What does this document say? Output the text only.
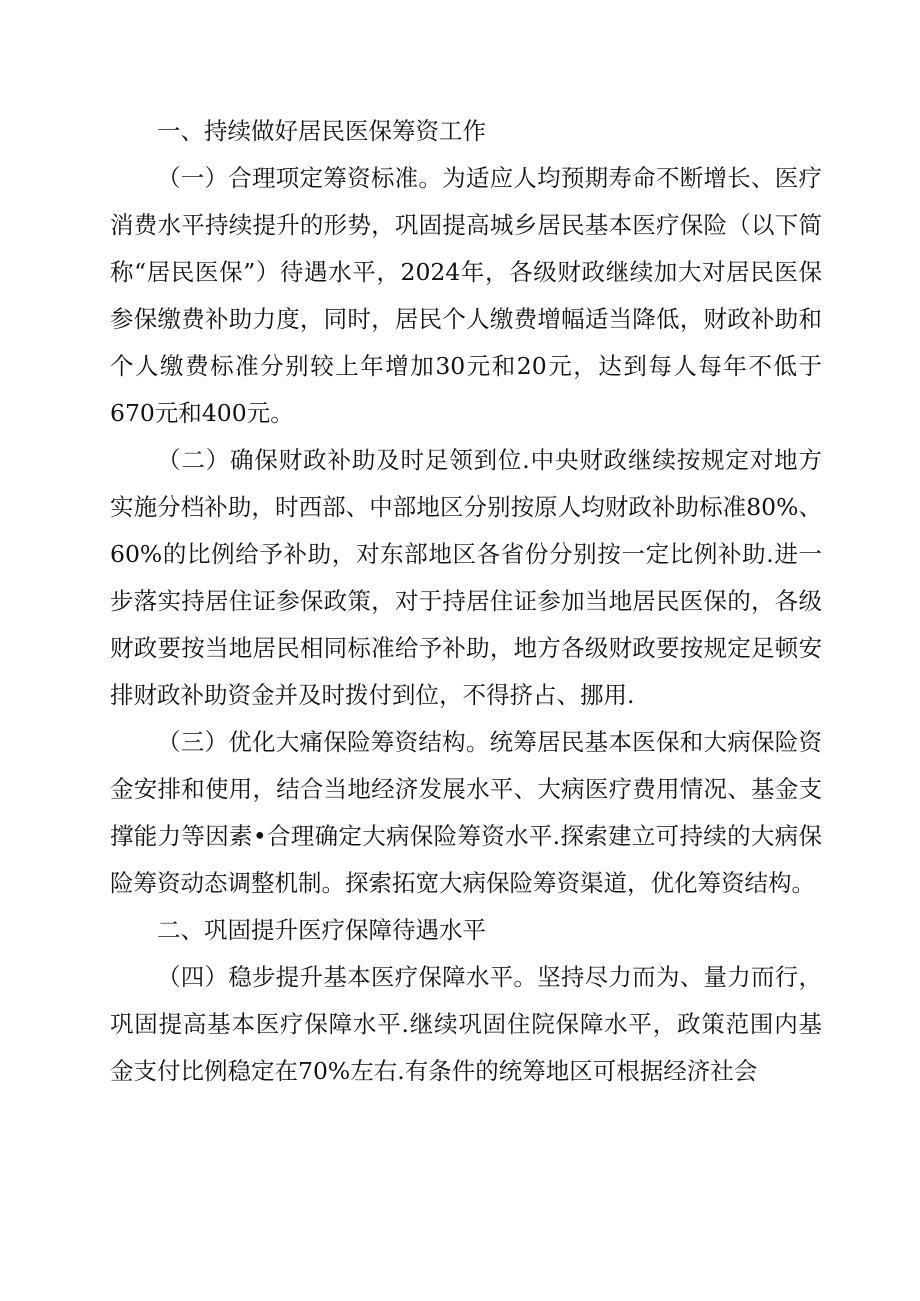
一、持续做好居民医保筹资工作

（一）合理项定筹资标准。为适应人均预期寿命不断增长、医疗消费水平持续提升的形势，巩固提高城乡居民基本医疗保险（以下简称“居民医保”）待遇水平，2024年，各级财政继续加大对居民医保参保缴费补助力度，同时，居民个人缴费增幅适当降低，财政补助和个人缴费标准分别较上年增加30元和20元，达到每人每年不低于670元和400元。

（二）确保财政补助及时足领到位.中央财政继续按规定对地方实施分档补助，时西部、中部地区分别按原人均财政补助标准80%、60%的比例给予补助，对东部地区各省份分别按一定比例补助.进一步落实持居住证参保政策，对于持居住证参加当地居民医保的，各级财政要按当地居民相同标准给予补助，地方各级财政要按规定足顿安排财政补助资金并及时拨付到位，不得挤占、挪用.

（三）优化大痛保险筹资结构。统筹居民基本医保和大病保险资金安排和使用，结合当地经济发展水平、大病医疗费用情况、基金支撑能力等因素•合理确定大病保险筹资水平.探索建立可持续的大病保险筹资动态调整机制。探索拓宽大病保险筹资渠道，优化筹资结构。

二、巩固提升医疗保障待遇水平

（四）稳步提升基本医疗保障水平。坚持尽力而为、量力而行，巩固提高基本医疗保障水平.继续巩固住院保障水平，政策范围内基金支付比例稳定在70%左右.有条件的统筹地区可根据经济社会
